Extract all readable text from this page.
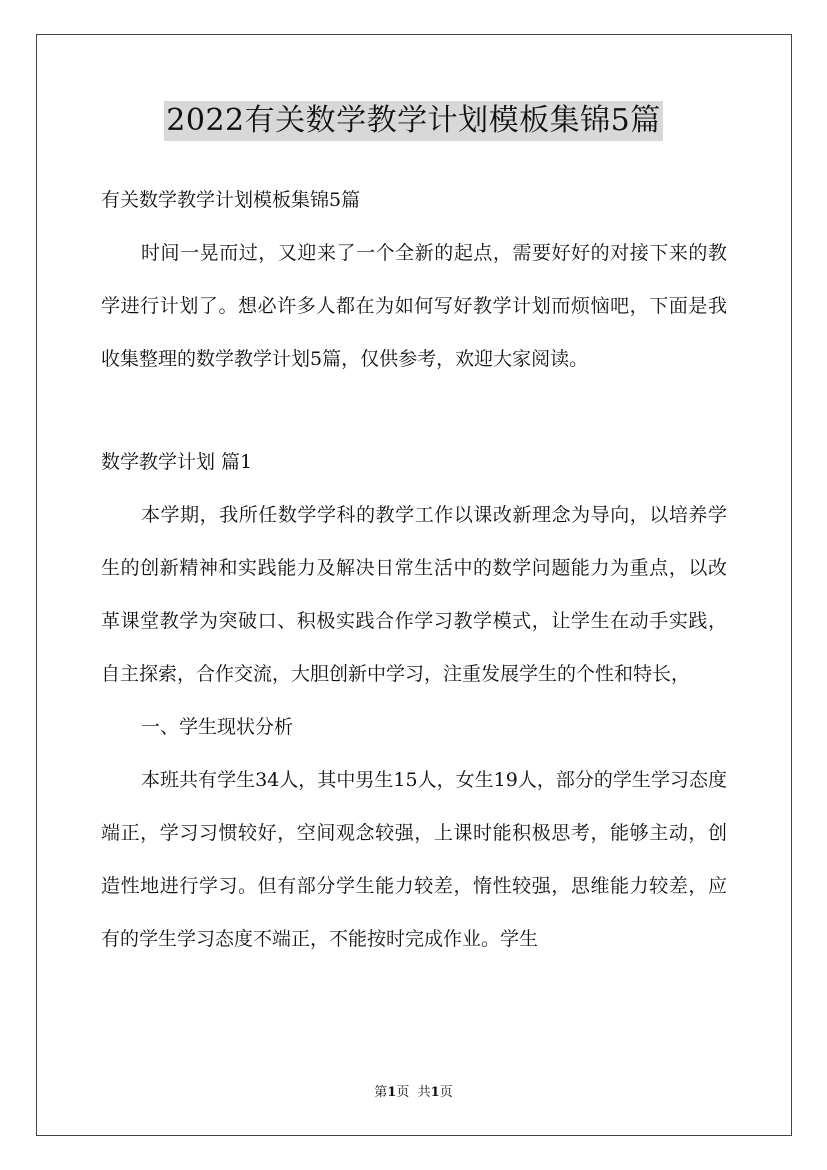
2022有关数学教学计划模板集锦5篇

有关数学教学计划模板集锦5篇

时间一晃而过，又迎来了一个全新的起点，需要好好的对接下来的教学进行计划了。想必许多人都在为如何写好教学计划而烦恼吧，下面是我收集整理的数学教学计划5篇，仅供参考，欢迎大家阅读。

数学教学计划 篇1

本学期，我所任数学学科的教学工作以课改新理念为导向，以培养学生的创新精神和实践能力及解决日常生活中的数学问题能力为重点，以改革课堂教学为突破口、积极实践合作学习教学模式，让学生在动手实践，自主探索，合作交流，大胆创新中学习，注重发展学生的个性和特长，

一、学生现状分析

本班共有学生34人，其中男生15人，女生19人，部分的学生学习态度端正，学习习惯较好，空间观念较强，上课时能积极思考，能够主动，创造性地进行学习。但有部分学生能力较差，惰性较强，思维能力较差，应有的学生学习态度不端正，不能按时完成作业。学生

第1页 共1页
